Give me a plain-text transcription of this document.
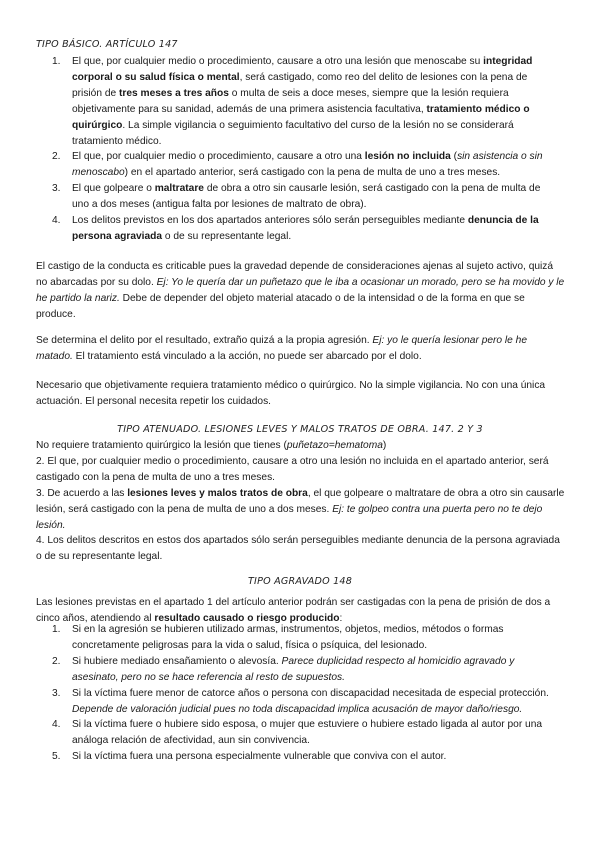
TIPO BÁSICO. ARTÍCULO 147
1. El que, por cualquier medio o procedimiento, causare a otro una lesión que menoscabe su integridad corporal o su salud física o mental, será castigado, como reo del delito de lesiones con la pena de prisión de tres meses a tres años o multa de seis a doce meses, siempre que la lesión requiera objetivamente para su sanidad, además de una primera asistencia facultativa, tratamiento médico o quirúrgico. La simple vigilancia o seguimiento facultativo del curso de la lesión no se considerará tratamiento médico.
2. El que, por cualquier medio o procedimiento, causare a otro una lesión no incluida (sin asistencia o sin menoscabo) en el apartado anterior, será castigado con la pena de multa de uno a tres meses.
3. El que golpeare o maltratare de obra a otro sin causarle lesión, será castigado con la pena de multa de uno a dos meses (antigua falta por lesiones de maltrato de obra).
4. Los delitos previstos en los dos apartados anteriores sólo serán perseguibles mediante denuncia de la persona agraviada o de su representante legal.

El castigo de la conducta es criticable pues la gravedad depende de consideraciones ajenas al sujeto activo, quizá no abarcadas por su dolo. Ej: Yo le quería dar un puñetazo que le iba a ocasionar un morado, pero se ha movido y le he partido la nariz. Debe de depender del objeto material atacado o de la intensidad o de la forma en que se produce.

Se determina el delito por el resultado, extraño quizá a la propia agresión. Ej: yo le quería lesionar pero le he matado. El tratamiento está vinculado a la acción, no puede ser abarcado por el dolo.

Necesario que objetivamente requiera tratamiento médico o quirúrgico. No la simple vigilancia. No con una única actuación. El personal necesita repetir los cuidados.

TIPO ATENUADO. LESIONES LEVES Y MALOS TRATOS DE OBRA. 147. 2 Y 3
No requiere tratamiento quirúrgico la lesión que tienes (puñetazo=hematoma)
2. El que, por cualquier medio o procedimiento, causare a otro una lesión no incluida en el apartado anterior, será castigado con la pena de multa de uno a tres meses.
3. De acuerdo a las lesiones leves y malos tratos de obra, el que golpeare o maltratare de obra a otro sin causarle lesión, será castigado con la pena de multa de uno a dos meses. Ej: te golpeo contra una puerta pero no te dejo lesión.
4. Los delitos descritos en estos dos apartados sólo serán perseguibles mediante denuncia de la persona agraviada o de su representante legal.
TIPO AGRAVADO 148

Las lesiones previstas en el apartado 1 del artículo anterior podrán ser castigadas con la pena de prisión de dos a cinco años, atendiendo al resultado causado o riesgo producido:

1. Si en la agresión se hubieren utilizado armas, instrumentos, objetos, medios, métodos o formas concretamente peligrosas para la vida o salud, física o psíquica, del lesionado.
2. Si hubiere mediado ensañamiento o alevosía. Parece duplicidad respecto al homicidio agravado y asesinato, pero no se hace referencia al resto de supuestos.
3. Si la víctima fuere menor de catorce años o persona con discapacidad necesitada de especial protección. Depende de valoración judicial pues no toda discapacidad implica acusación de mayor daño/riesgo.
4. Si la víctima fuere o hubiere sido esposa, o mujer que estuviere o hubiere estado ligada al autor por una análoga relación de afectividad, aun sin convivencia.
5. Si la víctima fuera una persona especialmente vulnerable que conviva con el autor.
